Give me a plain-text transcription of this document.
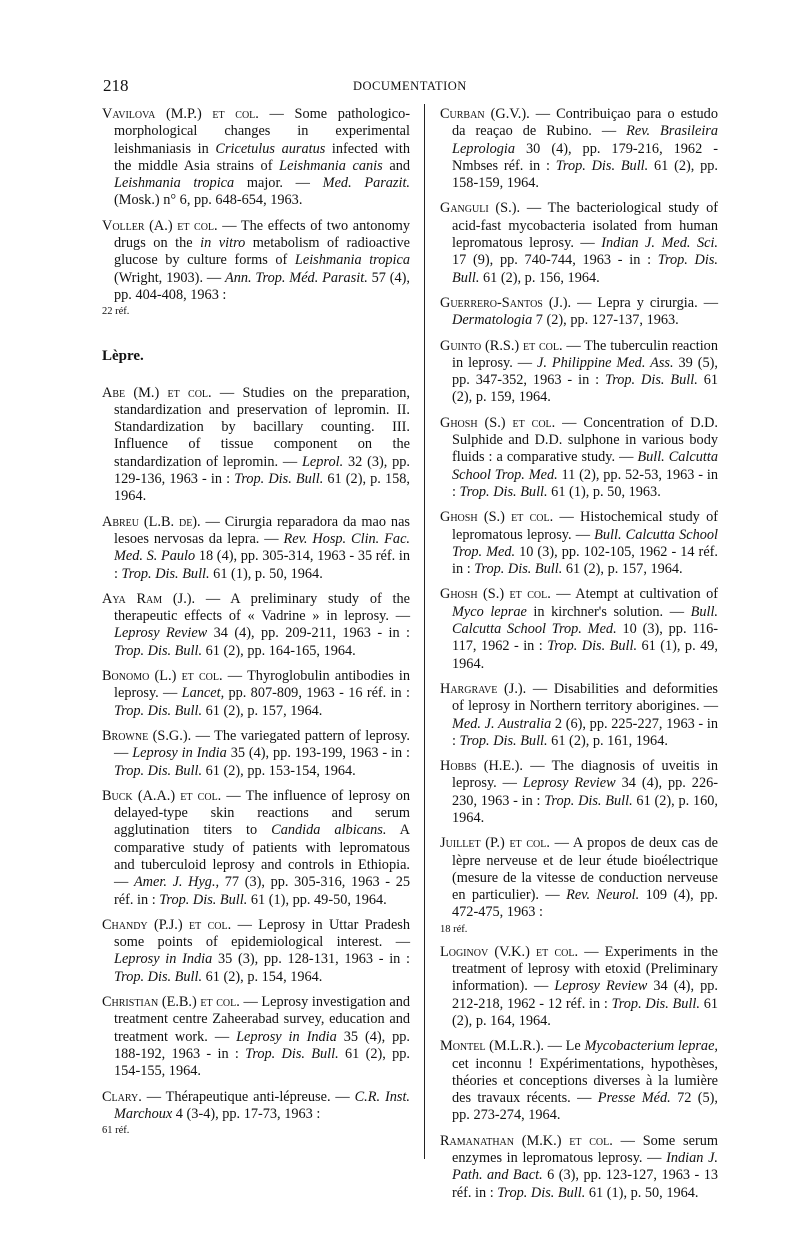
218	DOCUMENTATION

Vavilova (M.P.) et col. — Some pathologico-morphological changes in experimental leishmaniasis in Cricetulus auratus infected with the middle Asia strains of Leishmania canis and Leishmania tropica major. — Med. Parazit. (Mosk.) n° 6, pp. 648-654, 1963.

Voller (A.) et col. — The effects of two antonomy drugs on the in vitro metabolism of radioactive glucose by culture forms of Leishmania tropica (Wright, 1903). — Ann. Trop. Méd. Parasit. 57 (4), pp. 404-408, 1963 :
22 réf.

Lèpre.

Abe (M.) et col. — Studies on the preparation, standardization and preservation of lepromin. II. Standardization by bacillary counting. III. Influence of tissue component on the standardization of lepromin. — Leprol. 32 (3), pp. 129-136, 1963 - in : Trop. Dis. Bull. 61 (2), p. 158, 1964.

Abreu (L.B. de). — Cirurgia reparadora da mao nas lesoes nervosas da lepra. — Rev. Hosp. Clin. Fac. Med. S. Paulo 18 (4), pp. 305-314, 1963 - 35 réf. in : Trop. Dis. Bull. 61 (1), p. 50, 1964.

Aya Ram (J.). — A preliminary study of the therapeutic effects of « Vadrine » in leprosy. — Leprosy Review 34 (4), pp. 209-211, 1963 - in : Trop. Dis. Bull. 61 (2), pp. 164-165, 1964.

Bonomo (L.) et col. — Thyroglobulin antibodies in leprosy. — Lancet, pp. 807-809, 1963 - 16 réf. in : Trop. Dis. Bull. 61 (2), p. 157, 1964.

Browne (S.G.). — The variegated pattern of leprosy. — Leprosy in India 35 (4), pp. 193-199, 1963 - in : Trop. Dis. Bull. 61 (2), pp. 153-154, 1964.

Buck (A.A.) et col. — The influence of leprosy on delayed-type skin reactions and serum agglutination titers to Candida albicans. A comparative study of patients with lepromatous and tuberculoid leprosy and controls in Ethiopia. — Amer. J. Hyg., 77 (3), pp. 305-316, 1963 - 25 réf. in : Trop. Dis. Bull. 61 (1), pp. 49-50, 1964.

Chandy (P.J.) et col. — Leprosy in Uttar Pradesh some points of epidemiological interest. — Leprosy in India 35 (3), pp. 128-131, 1963 - in : Trop. Dis. Bull. 61 (2), p. 154, 1964.

Christian (E.B.) et col. — Leprosy investigation and treatment centre Zaheerabad survey, education and treatment work. — Leprosy in India 35 (4), pp. 188-192, 1963 - in : Trop. Dis. Bull. 61 (2), pp. 154-155, 1964.

Clary. — Thérapeutique anti-lépreuse. — C.R. Inst. Marchoux 4 (3-4), pp. 17-73, 1963 :
61 réf.

Curban (G.V.). — Contribuiçao para o estudo da reaçao de Rubino. — Rev. Brasileira Leprologia 30 (4), pp. 179-216, 1962 - Nmbses réf. in : Trop. Dis. Bull. 61 (2), pp. 158-159, 1964.

Ganguli (S.). — The bacteriological study of acid-fast mycobacteria isolated from human lepromatous leprosy. — Indian J. Med. Sci. 17 (9), pp. 740-744, 1963 - in : Trop. Dis. Bull. 61 (2), p. 156, 1964.

Guerrero-Santos (J.). — Lepra y cirurgia. — Dermatologia 7 (2), pp. 127-137, 1963.

Guinto (R.S.) et col. — The tuberculin reaction in leprosy. — J. Philippine Med. Ass. 39 (5), pp. 347-352, 1963 - in : Trop. Dis. Bull. 61 (2), p. 159, 1964.

Ghosh (S.) et col. — Concentration of D.D. Sulphide and D.D. sulphone in various body fluids : a comparative study. — Bull. Calcutta School Trop. Med. 11 (2), pp. 52-53, 1963 - in : Trop. Dis. Bull. 61 (1), p. 50, 1963.

Ghosh (S.) et col. — Histochemical study of lepromatous leprosy. — Bull. Calcutta School Trop. Med. 10 (3), pp. 102-105, 1962 - 14 réf. in : Trop. Dis. Bull. 61 (2), p. 157, 1964.

Ghosh (S.) et col. — Atempt at cultivation of Myco leprae in kirchner's solution. — Bull. Calcutta School Trop. Med. 10 (3), pp. 116-117, 1962 - in : Trop. Dis. Bull. 61 (1), p. 49, 1964.

Hargrave (J.). — Disabilities and deformities of leprosy in Northern territory aborigines. — Med. J. Australia 2 (6), pp. 225-227, 1963 - in : Trop. Dis. Bull. 61 (2), p. 161, 1964.

Hobbs (H.E.). — The diagnosis of uveitis in leprosy. — Leprosy Review 34 (4), pp. 226-230, 1963 - in : Trop. Dis. Bull. 61 (2), p. 160, 1964.

Juillet (P.) et col. — A propos de deux cas de lèpre nerveuse et de leur étude bioélectrique (mesure de la vitesse de conduction nerveuse en particulier). — Rev. Neurol. 109 (4), pp. 472-475, 1963 :
18 réf.

Loginov (V.K.) et col. — Experiments in the treatment of leprosy with etoxid (Preliminary information). — Leprosy Review 34 (4), pp. 212-218, 1962 - 12 réf. in : Trop. Dis. Bull. 61 (2), p. 164, 1964.

Montel (M.L.R.). — Le Mycobacterium leprae, cet inconnu ! Expérimentations, hypothèses, théories et conceptions diverses à la lumière des travaux récents. — Presse Méd. 72 (5), pp. 273-274, 1964.

Ramanathan (M.K.) et col. — Some serum enzymes in lepromatous leprosy. — Indian J. Path. and Bact. 6 (3), pp. 123-127, 1963 - 13 réf. in : Trop. Dis. Bull. 61 (1), p. 50, 1964.
